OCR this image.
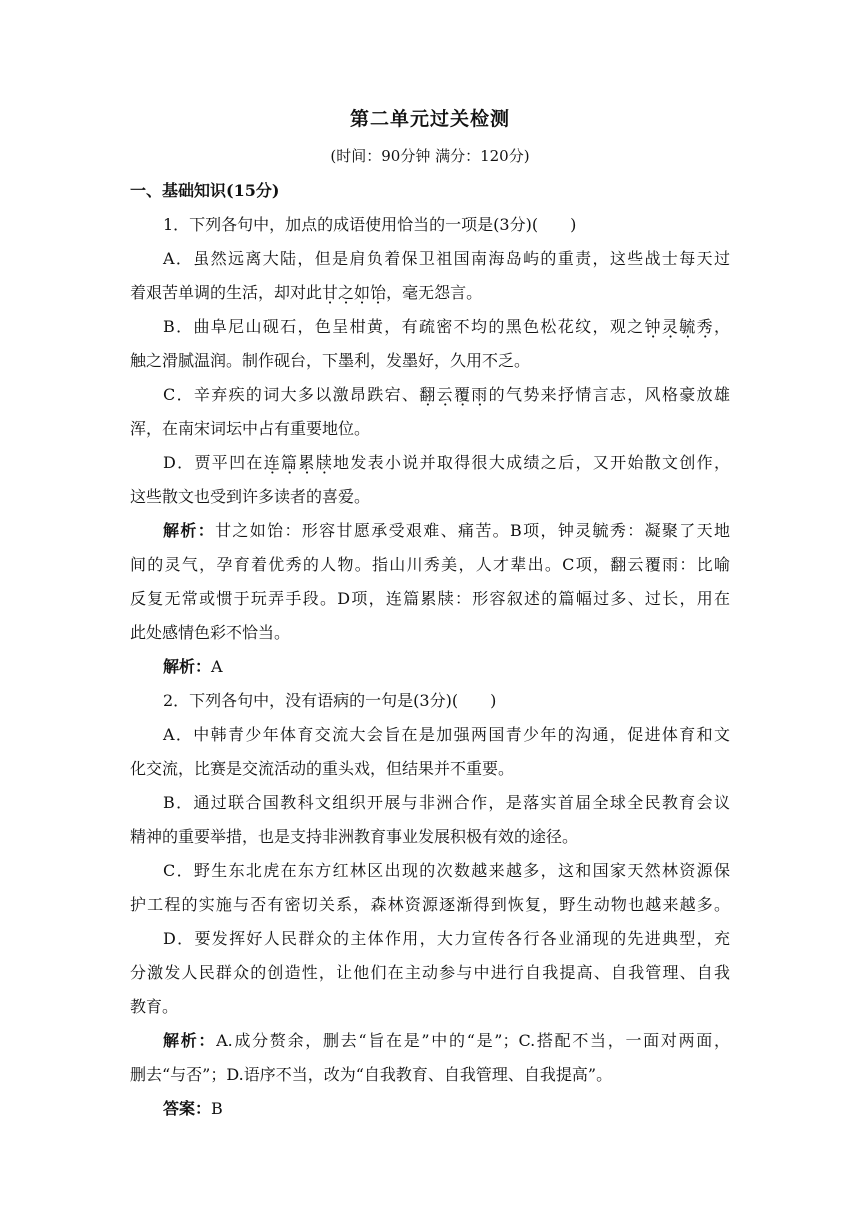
第二单元过关检测
(时间：90分钟 满分：120分)
一、基础知识(15分)
1．下列各句中，加点的成语使用恰当的一项是(3分)(　　)
A．虽然远离大陆，但是肩负着保卫祖国南海岛屿的重责，这些战士每天过
着艰苦单调的生活，却对此甘之如饴，毫无怨言。
B．曲阜尼山砚石，色呈柑黄，有疏密不均的黑色松花纹，观之钟灵毓秀，
触之滑腻温润。制作砚台，下墨利，发墨好，久用不乏。
C．辛弃疾的词大多以激昂跌宕、翻云覆雨的气势来抒情言志，风格豪放雄
浑，在南宋词坛中占有重要地位。
D．贾平凹在连篇累牍地发表小说并取得很大成绩之后，又开始散文创作，
这些散文也受到许多读者的喜爱。
解析：甘之如饴：形容甘愿承受艰难、痛苦。B项，钟灵毓秀：凝聚了天地
间的灵气，孕育着优秀的人物。指山川秀美，人才辈出。C项，翻云覆雨：比喻
反复无常或惯于玩弄手段。D项，连篇累牍：形容叙述的篇幅过多、过长，用在
此处感情色彩不恰当。
解析：A
2．下列各句中，没有语病的一句是(3分)(　　)
A．中韩青少年体育交流大会旨在是加强两国青少年的沟通，促进体育和文
化交流，比赛是交流活动的重头戏，但结果并不重要。
B．通过联合国教科文组织开展与非洲合作，是落实首届全球全民教育会议
精神的重要举措，也是支持非洲教育事业发展积极有效的途径。
C．野生东北虎在东方红林区出现的次数越来越多，这和国家天然林资源保
护工程的实施与否有密切关系，森林资源逐渐得到恢复，野生动物也越来越多。
D．要发挥好人民群众的主体作用，大力宣传各行各业涌现的先进典型，充
分激发人民群众的创造性，让他们在主动参与中进行自我提高、自我管理、自我
教育。
解析：A.成分赘余，删去“旨在是”中的“是”；C.搭配不当，一面对两面，
删去“与否”；D.语序不当，改为“自我教育、自我管理、自我提高”。
答案：B
